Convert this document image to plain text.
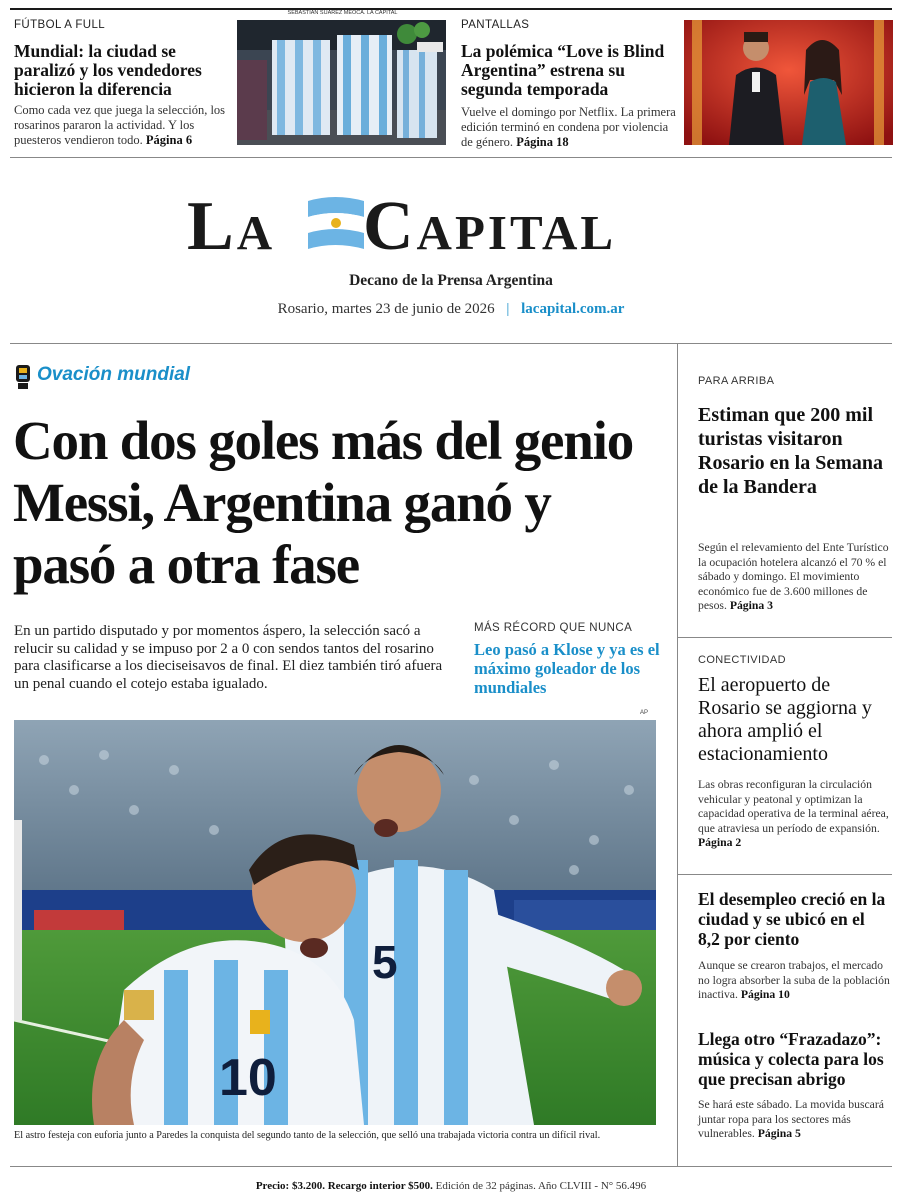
FÚTBOL A FULL
Mundial: la ciudad se paralizó y los vendedores hicieron la diferencia
Como cada vez que juega la selección, los rosarinos pararon la actividad. Y los puesteros vendieron todo. Página 6
SEBASTIÁN SUÁREZ MEOCA. LA CAPITAL
PANTALLAS
La polémica “Love is Blind Argentina” estrena su segunda temporada
Vuelve el domingo por Netflix. La primera edición terminó en condena por violencia de género. Página 18
La Capital
Decano de la Prensa Argentina
Rosario, martes 23 de junio de 2026 | lacapital.com.ar
Ovación mundial
Con dos goles más del genio Messi, Argentina ganó y pasó a otra fase
En un partido disputado y por momentos áspero, la selección sacó a relucir su calidad y se impuso por 2 a 0 con sendos tantos del rosarino para clasificarse a los dieciseisavos de final. El diez también tiró afuera un penal cuando el cotejo estaba igualado.
MÁS RÉCORD QUE NUNCA
Leo pasó a Klose y ya es el máximo goleador de los mundiales
AP
5
10
El astro festeja con euforia junto a Paredes la conquista del segundo tanto de la selección, que selló una trabajada victoria contra un difícil rival.
PARA ARRIBA
Estiman que 200 mil turistas visitaron Rosario en la Semana de la Bandera
Según el relevamiento del Ente Turístico la ocupación hotelera alcanzó el 70 % el sábado y domingo. El movimiento económico fue de 3.600 millones de pesos. Página 3
CONECTIVIDAD
El aeropuerto de Rosario se aggiorna y ahora amplió el estacionamiento
Las obras reconfiguran la circulación vehicular y peatonal y optimizan la capacidad operativa de la terminal aérea, que atraviesa un período de expansión. Página 2
El desempleo creció en la ciudad y se ubicó en el 8,2 por ciento
Aunque se crearon trabajos, el mercado no logra absorber la suba de la población inactiva. Página 10
Llega otro “Frazadazo”: música y colecta para los que precisan abrigo
Se hará este sábado. La movida buscará juntar ropa para los sectores más vulnerables. Página 5
Precio: $3.200. Recargo interior $500. Edición de 32 páginas. Año CLVIII - N° 56.496
